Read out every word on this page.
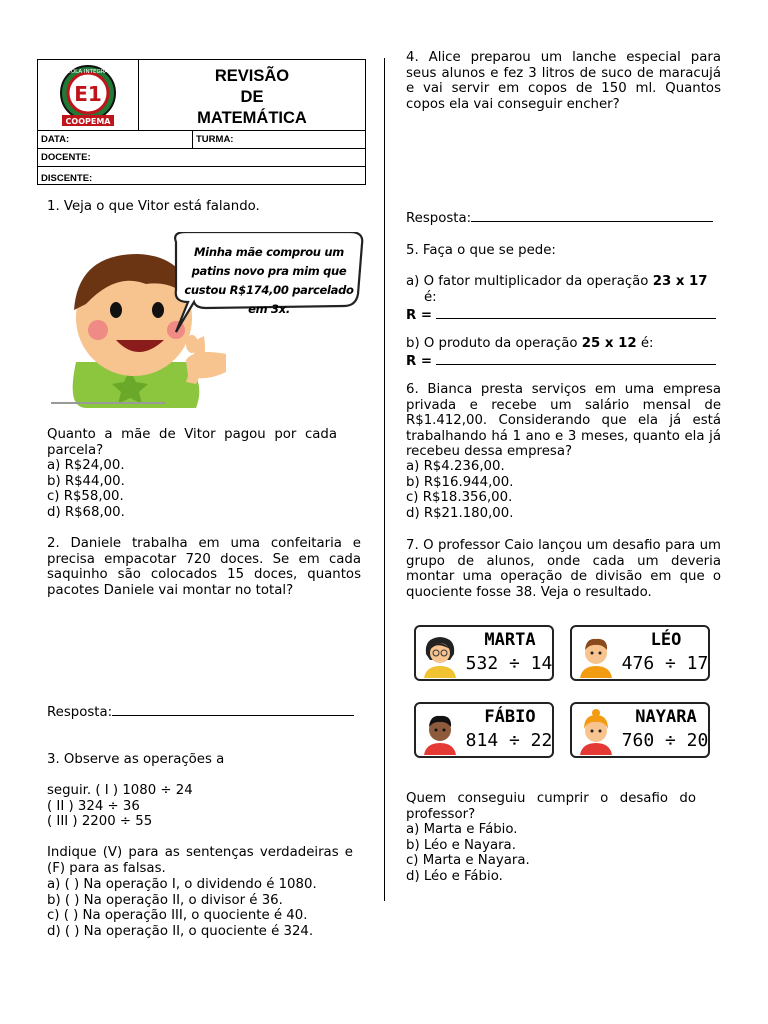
E1
ESCOLA INTEGRADA
COOPEMA
REVISÃO
DE
MATEMÁTICA
DATA:	TURMA:
DOCENTE:
DISCENTE:
1. Veja o que Vitor está falando.
Minha mãe comprou um patins novo pra mim que custou R$174,00 parcelado em 3x.
Quanto a mãe de Vitor pagou por cada parcela?
a) R$24,00.
b) R$44,00.
c) R$58,00.
d) R$68,00.
2. Daniele trabalha em uma confeitaria e precisa empacotar 720 doces. Se em cada saquinho são colocados 15 doces, quantos pacotes Daniele vai montar no total?
Resposta:
3. Observe as operações a
seguir. ( I ) 1080 ÷ 24
( II ) 324 ÷ 36
( III ) 2200 ÷ 55
Indique (V) para as sentenças verdadeiras e (F) para as falsas.
a) ( ) Na operação I, o dividendo é 1080.
b) ( ) Na operação II, o divisor é 36.
c) ( ) Na operação III, o quociente é 40.
d) ( ) Na operação II, o quociente é 324.
4. Alice preparou um lanche especial para seus alunos e fez 3 litros de suco de maracujá e vai servir em copos de 150 ml. Quantos copos ela vai conseguir encher?
Resposta:
5. Faça o que se pede:
a) O fator multiplicador da operação 23 x 17
é:
R =
b) O produto da operação 25 x 12 é:
R =
6. Bianca presta serviços em uma empresa privada e recebe um salário mensal de R$1.412,00. Considerando que ela já está trabalhando há 1 ano e 3 meses, quanto ela já recebeu dessa empresa?
a) R$4.236,00.
b) R$16.944,00.
c) R$18.356,00.
d) R$21.180,00.
7. O professor Caio lançou um desafio para um grupo de alunos, onde cada um deveria montar uma operação de divisão em que o quociente fosse 38. Veja o resultado.
MARTA
532 ÷ 14
LÉO
476 ÷ 17
FÁBIO
814 ÷ 22
NAYARA
760 ÷ 20
Quem conseguiu cumprir o desafio do professor?
a) Marta e Fábio.
b) Léo e Nayara.
c) Marta e Nayara.
d) Léo e Fábio.
